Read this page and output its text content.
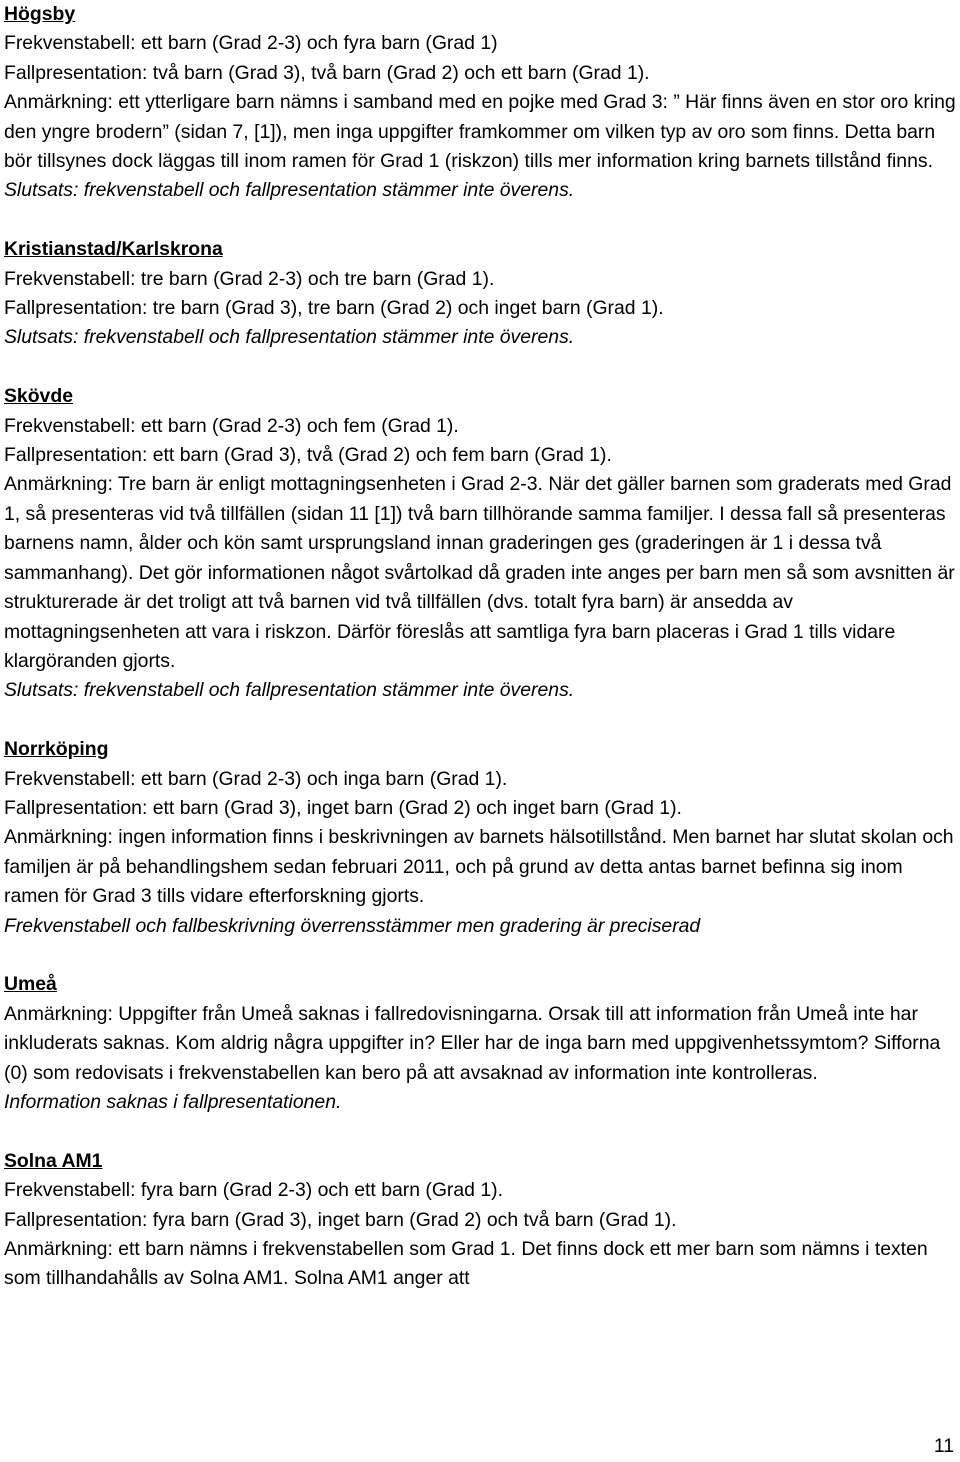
Högsby

Frekvenstabell: ett barn (Grad 2-3) och fyra barn (Grad 1)

Fallpresentation: två barn (Grad 3), två barn (Grad 2) och ett barn (Grad 1).

Anmärkning: ett ytterligare barn nämns i samband med en pojke med Grad 3: ” Här finns även en stor oro kring den yngre brodern” (sidan 7, [1]), men inga uppgifter framkommer om vilken typ av oro som finns. Detta barn bör tillsynes dock läggas till inom ramen för Grad 1 (riskzon) tills mer information kring barnets tillstånd finns.

Slutsats: frekvenstabell och fallpresentation stämmer inte överens.

Kristianstad/Karlskrona

Frekvenstabell: tre barn (Grad 2-3) och tre barn (Grad 1).

Fallpresentation: tre barn (Grad 3), tre barn (Grad 2) och inget barn (Grad 1).

Slutsats: frekvenstabell och fallpresentation stämmer inte överens.

Skövde

Frekvenstabell: ett barn (Grad 2-3) och fem (Grad 1).

Fallpresentation: ett barn (Grad 3), två (Grad 2) och fem barn (Grad 1).

Anmärkning: Tre barn är enligt mottagningsenheten i Grad 2-3. När det gäller barnen som graderats med Grad 1, så presenteras vid två tillfällen (sidan 11 [1]) två barn tillhörande samma familjer. I dessa fall så presenteras barnens namn, ålder och kön samt ursprungsland innan graderingen ges (graderingen är 1 i dessa två sammanhang). Det gör informationen något svårtolkad då graden inte anges per barn men så som avsnitten är strukturerade är det troligt att två barnen vid två tillfällen (dvs. totalt fyra barn) är ansedda av mottagningsenheten att vara i riskzon. Därför föreslås att samtliga fyra barn placeras i Grad 1 tills vidare klargöranden gjorts.

Slutsats: frekvenstabell och fallpresentation stämmer inte överens.

Norrköping

Frekvenstabell: ett barn (Grad 2-3) och inga barn (Grad 1).

Fallpresentation: ett barn (Grad 3), inget barn (Grad 2) och inget barn (Grad 1).

Anmärkning: ingen information finns i beskrivningen av barnets hälsotillstånd. Men barnet har slutat skolan och familjen är på behandlingshem sedan februari 2011, och på grund av detta antas barnet befinna sig inom ramen för Grad 3 tills vidare efterforskning gjorts.

Frekvenstabell och fallbeskrivning överrensstämmer men gradering är preciserad

Umeå

Anmärkning: Uppgifter från Umeå saknas i fallredovisningarna. Orsak till att information från Umeå inte har inkluderats saknas. Kom aldrig några uppgifter in? Eller har de inga barn med uppgivenhetssymtom? Sifforna (0) som redovisats i frekvenstabellen kan bero på att avsaknad av information inte kontrolleras.

Information saknas i fallpresentationen.

Solna AM1

Frekvenstabell: fyra barn (Grad 2-3) och ett barn (Grad 1).

Fallpresentation: fyra barn (Grad 3), inget barn (Grad 2) och två barn (Grad 1).

Anmärkning: ett barn nämns i frekvenstabellen som Grad 1. Det finns dock ett mer barn som nämns i texten som tillhandahålls av Solna AM1. Solna AM1 anger att

11
